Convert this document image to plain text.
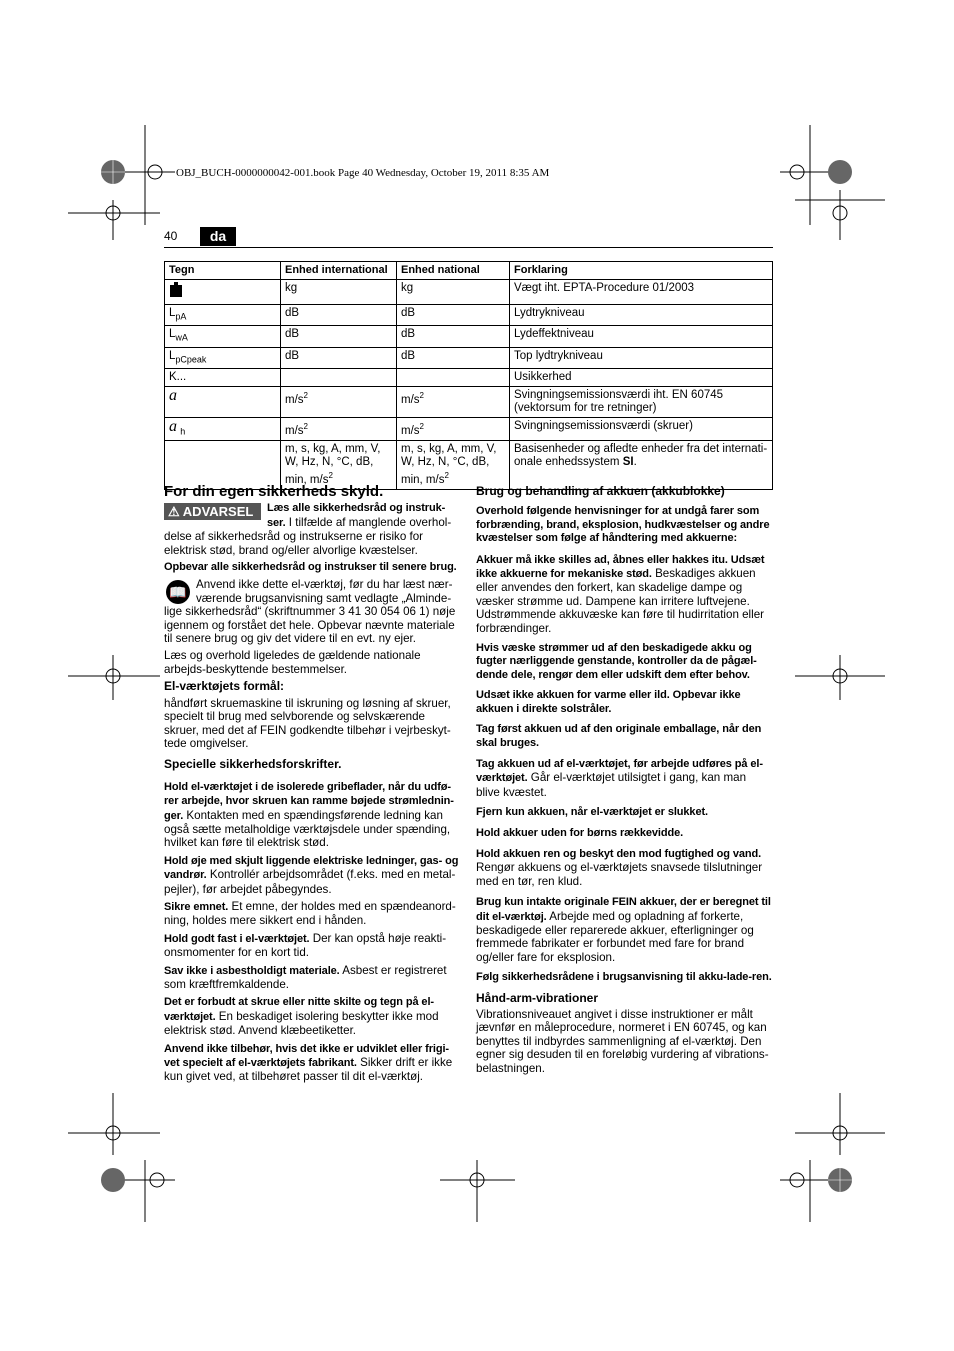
OBJ_BUCH-0000000042-001.book Page 40 Wednesday, October 19, 2011 8:35 AM
40	da
Tegn	Enhed international	Enhed national	Forklaring
	kg	kg	Vægt iht. EPTA-Procedure 01/2003
$L_{pA}$	dB	dB	Lydtrykniveau
$L_{wA}$	dB	dB	Lydeffektniveau
$L_{pCpeak}$	dB	dB	Top lydtrykniveau
K...			Usikkerhed
a	$m/s^2$	$m/s^2$	Svingningsemissionsværdi iht. EN 60745
(vektorsum for tre retninger)
a $_h$	$m/s^2$	$m/s^2$	Svingningsemissionsværdi (skruer)
	m, s, kg, A, mm, V,
W, Hz, N, °C, dB,
min, $m/s^2$	m, s, kg, A, mm, V,
W, Hz, N, °C, dB,
min, $m/s^2$	Basisenheder og afledte enheder fra det internati-
onale enhedssystem SI.
For din egen sikkerheds skyld.

⚠ ADVARSEL	Læs alle sikkerhedsråd og instruk-ser. I tilfælde af manglende overhol-delse af sikkerhedsråd og instrukserne er risiko for elektrisk stød, brand og/eller alvorlige kvæstelser.

Opbevar alle sikkerhedsråd og instrukser til senere brug.

📖 Anvend ikke dette el-værktøj, før du har læst nær-værende brugsanvisning samt vedlagte „Alminde-lige sikkerhedsråd“ (skriftnummer 3 41 30 054 06 1) nøje igennem og forstået det hele. Opbevar nævnte materiale til senere brug og giv det videre til en evt. ny ejer.

Læs og overhold ligeledes de gældende nationale arbejds-beskyttende bestemmelser.

El-værktøjets formål:

håndført skruemaskine til iskruning og løsning af skruer, specielt til brug med selvborende og selvskærende skruer, med det af FEIN godkendte tilbehør i vejrbeskyt-tede omgivelser.

Specielle sikkerhedsforskrifter.

Hold el-værktøjet i de isolerede gribeflader, når du udfø-rer arbejde, hvor skruen kan ramme bøjede strømlednin-ger. Kontakten med en spændingsførende ledning kan også sætte metalholdige værktøjsdele under spænding, hvilket kan føre til elektrisk stød.

Hold øje med skjult liggende elektriske ledninger, gas- og vandrør. Kontrollér arbejdsområdet (f.eks. med en metal-pejler), før arbejdet påbegyndes.

Sikre emnet. Et emne, der holdes med en spændeanord-ning, holdes mere sikkert end i hånden.

Hold godt fast i el-værktøjet. Der kan opstå høje reakti-onsmomenter for en kort tid.

Sav ikke i asbestholdigt materiale. Asbest er registreret som kræftfremkaldende.

Det er forbudt at skrue eller nitte skilte og tegn på el-værktøjet. En beskadiget isolering beskytter ikke mod elektrisk stød. Anvend klæbeetiketter.

Anvend ikke tilbehør, hvis det ikke er udviklet eller frigi-vet specielt af el-værktøjets fabrikant. Sikker drift er ikke kun givet ved, at tilbehøret passer til dit el-værktøj.

Brug og behandling af akkuen (akkublokke)

Overhold følgende henvisninger for at undgå farer som forbrænding, brand, eksplosion, hudkvæstelser og andre kvæstelser som følge af håndtering med akkuerne:

Akkuer må ikke skilles ad, åbnes eller hakkes itu. Udsæt ikke akkuerne for mekaniske stød. Beskadiges akkuen eller anvendes den forkert, kan skadelige dampe og væsker strømme ud. Dampene kan irritere luftvejene. Udstrømmende akkuvæske kan føre til hudirritation eller forbrændinger.

Hvis væske strømmer ud af den beskadigede akku og fugter nærliggende genstande, kontroller da de pågæl-dende dele, rengør dem eller udskift dem efter behov.

Udsæt ikke akkuen for varme eller ild. Opbevar ikke akkuen i direkte solstråler.

Tag først akkuen ud af den originale emballage, når den skal bruges.

Tag akkuen ud af el-værktøjet, før arbejde udføres på el-værktøjet. Går el-værktøjet utilsigtet i gang, kan man blive kvæstet.

Fjern kun akkuen, når el-værktøjet er slukket.

Hold akkuer uden for børns rækkevidde.

Hold akkuen ren og beskyt den mod fugtighed og vand. Rengør akkuens og el-værktøjets snavsede tilslutninger med en tør, ren klud.

Brug kun intakte originale FEIN akkuer, der er beregnet til dit el-værktøj. Arbejde med og opladning af forkerte, beskadigede eller reparerede akkuer, efterligninger og fremmede fabrikater er forbundet med fare for brand og/eller fare for eksplosion.

Følg sikkerhedsrådene i brugsanvisning til akku-lade-ren.

Hånd-arm-vibrationer

Vibrationsniveauet angivet i disse instruktioner er målt jævnfør en måleprocedure, normeret i EN 60745, og kan benyttes til indbyrdes sammenligning af el-værktøj. Den egner sig desuden til en foreløbig vurdering af vibrations-belastningen.
